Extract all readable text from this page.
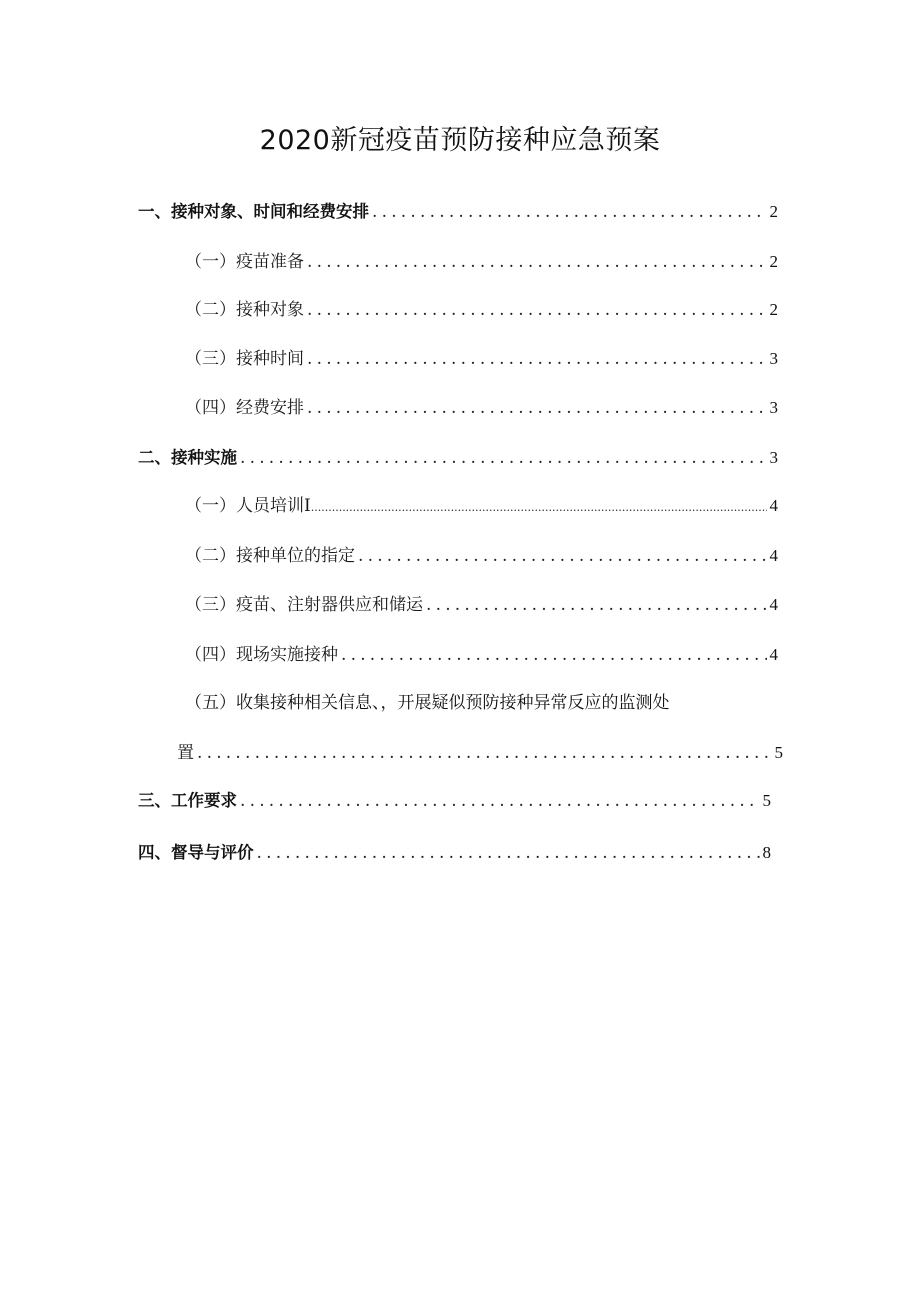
2020新冠疫苗预防接种应急预案
一、接种对象、时间和经费安排 .....	2
（一）疫苗准备 .....	2
（二）接种对象 .....	2
（三）接种时间 .....	3
（四）经费安排 .....	3
二、接种实施 .....	3
（一）人员培训I .....	4
（二）接种单位的指定 .....	4
（三）疫苗、注射器供应和储运 .....	4
（四）现场实施接种 .....	4
（五）收集接种相关信息、，开展疑似预防接种异常反应的监测处
置 .....	5
三、工作要求 .....	5
四、督导与评价 .....	8
